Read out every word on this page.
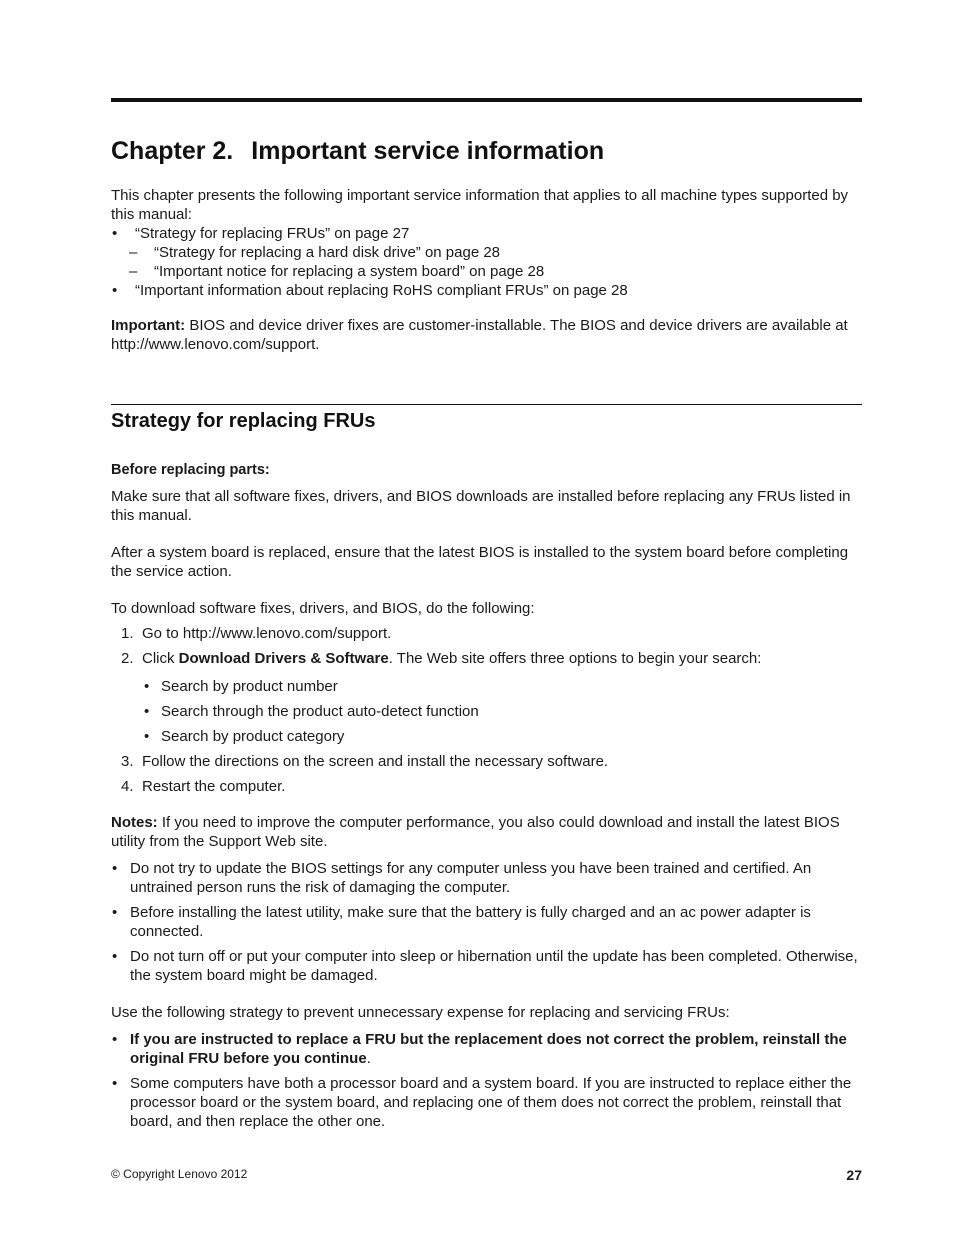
Chapter 2. Important service information

This chapter presents the following important service information that applies to all machine types supported by this manual:

• “Strategy for replacing FRUs” on page 27
– “Strategy for replacing a hard disk drive” on page 28
– “Important notice for replacing a system board” on page 28
• “Important information about replacing RoHS compliant FRUs” on page 28

Important: BIOS and device driver fixes are customer-installable. The BIOS and device drivers are available at http://www.lenovo.com/support.

Strategy for replacing FRUs

Before replacing parts:

Make sure that all software fixes, drivers, and BIOS downloads are installed before replacing any FRUs listed in this manual.

After a system board is replaced, ensure that the latest BIOS is installed to the system board before completing the service action.

To download software fixes, drivers, and BIOS, do the following:

1. Go to http://www.lenovo.com/support.
2. Click Download Drivers & Software. The Web site offers three options to begin your search:
• Search by product number
• Search through the product auto-detect function
• Search by product category
3. Follow the directions on the screen and install the necessary software.
4. Restart the computer.

Notes: If you need to improve the computer performance, you also could download and install the latest BIOS utility from the Support Web site.

• Do not try to update the BIOS settings for any computer unless you have been trained and certified. An untrained person runs the risk of damaging the computer.
• Before installing the latest utility, make sure that the battery is fully charged and an ac power adapter is connected.
• Do not turn off or put your computer into sleep or hibernation until the update has been completed. Otherwise, the system board might be damaged.

Use the following strategy to prevent unnecessary expense for replacing and servicing FRUs:

• If you are instructed to replace a FRU but the replacement does not correct the problem, reinstall the original FRU before you continue.
• Some computers have both a processor board and a system board. If you are instructed to replace either the processor board or the system board, and replacing one of them does not correct the problem, reinstall that board, and then replace the other one.
© Copyright Lenovo 2012	27
